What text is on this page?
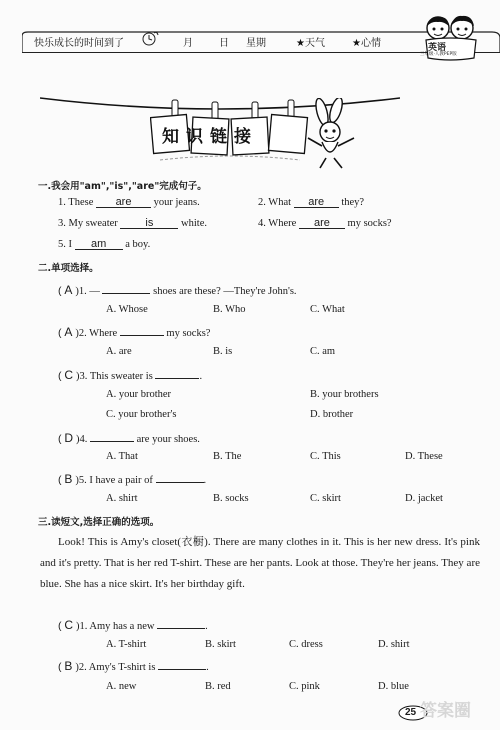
快乐成长的时间到了	月	日 星期	★天气	★心情	英语
三年级·人教PEP版
知识链接
一.我会用"am","is","are"完成句子。
1. These are your jeans.	2. What are they?
3. My sweater	is	white.	4. Where are my socks?
5. I am a boy.
二.单项选择。
( A )1. —	shoes are these? —They're John's.
A. Whose	B. Who	C. What
( A )2. Where	my socks?
A. are	B. is	C. am
( C )3. This sweater is	.
A. your brother	B. your brothers
C. your brother's	D. brother
( D )4.	are your shoes.
A. That	B. The	C. This	D. These
( B )5. I have a pair of	.
A. shirt	B. socks	C. skirt	D. jacket
三.读短文,选择正确的选项。
Look! This is Amy's closet(衣橱). There are many clothes in it. This is her new dress. It's pink and it's pretty. That is her red T-shirt. These are her pants. Look at those. They're her jeans. They are blue. She has a nice skirt. It's her birthday gift.
( C )1. Amy has a new	.
A. T-shirt	B. skirt	C. dress	D. shirt
( B )2. Amy's T-shirt is	.
A. new	B. red	C. pink	D. blue
25 答案圈
